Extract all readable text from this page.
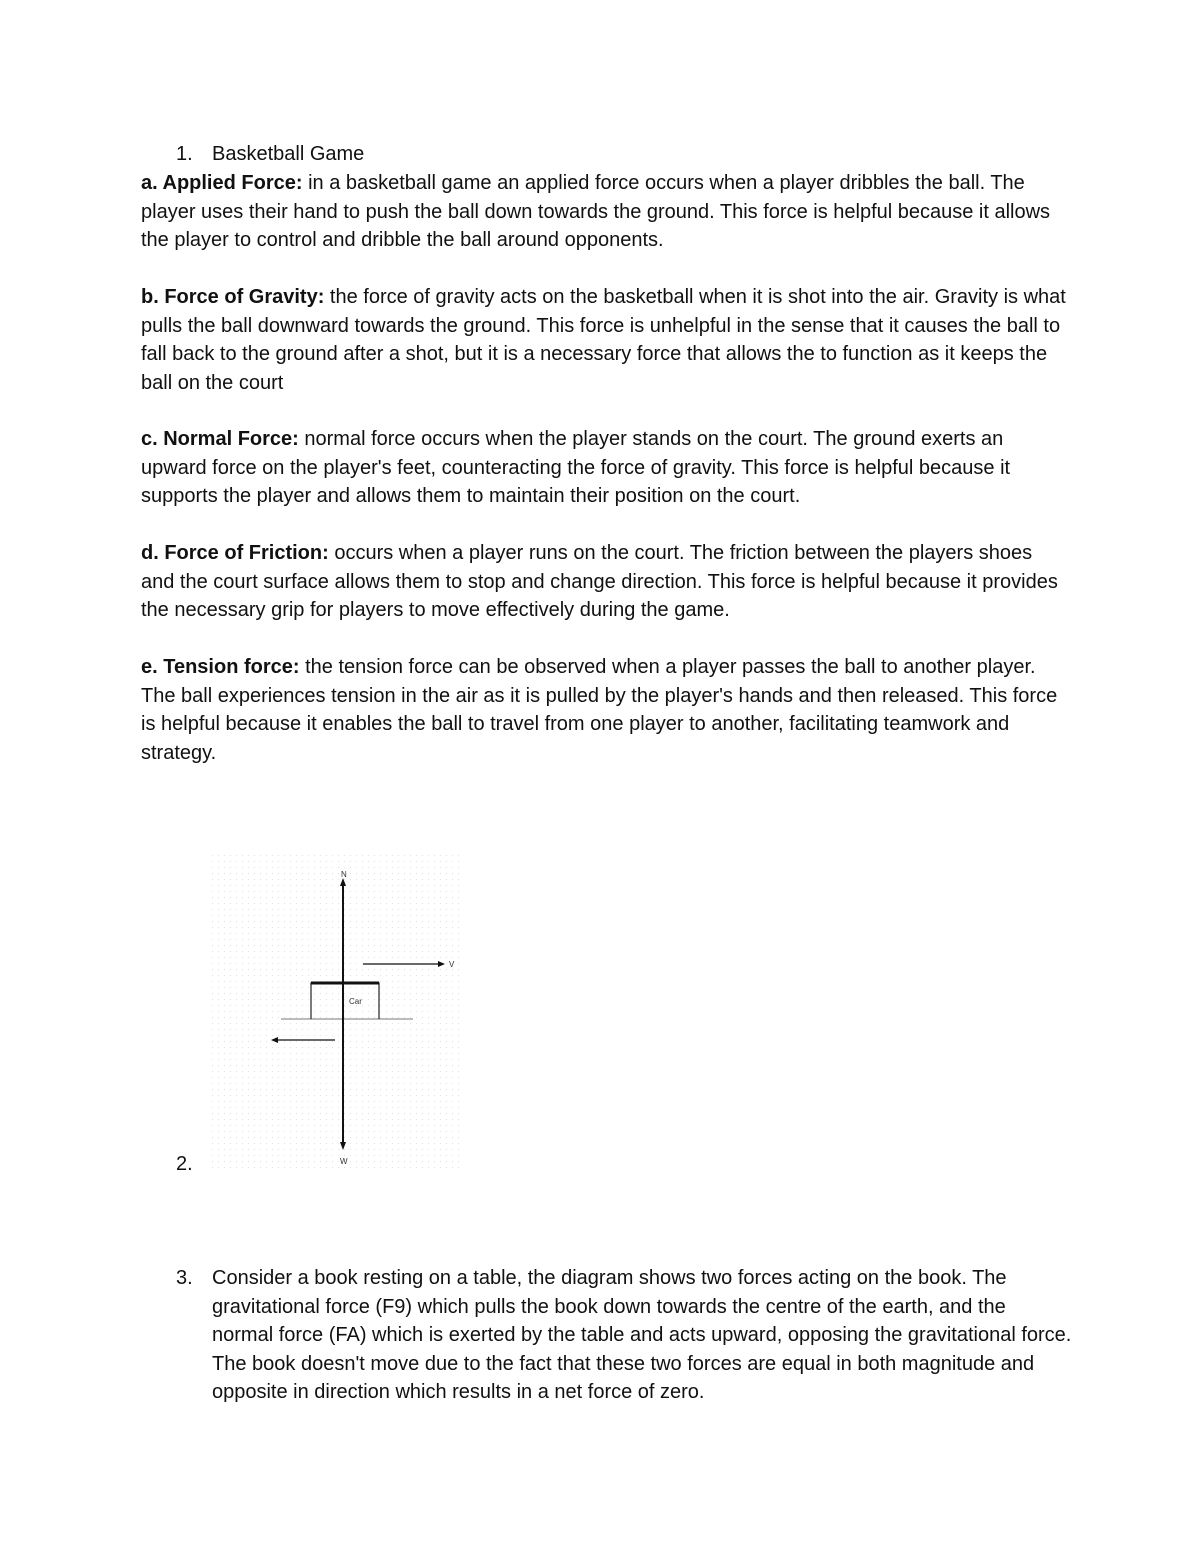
1. Basketball Game

a. Applied Force: in a basketball game an applied force occurs when a player dribbles the ball. The player uses their hand to push the ball down towards the ground. This force is helpful because it allows the player to control and dribble the ball around opponents.

b. Force of Gravity: the force of gravity acts on the basketball when it is shot into the air. Gravity is what pulls the ball downward towards the ground. This force is unhelpful in the sense that it causes the ball to fall back to the ground after a shot, but it is a necessary force that allows the to function as it keeps the ball on the court

c. Normal Force: normal force occurs when the player stands on the court. The ground exerts an upward force on the player's feet, counteracting the force of gravity. This force is helpful because it supports the player and allows them to maintain their position on the court.

d. Force of Friction: occurs when a player runs on the court. The friction between the players shoes and the court surface allows them to stop and change direction. This force is helpful because it provides the necessary grip for players to move effectively during the game.

e. Tension force: the tension force can be observed when a player passes the ball to another player. The ball experiences tension in the air as it is pulled by the player's hands and then released. This force is helpful because it enables the ball to travel from one player to another, facilitating teamwork and strategy.

2.
N
W
V
Car
3. Consider a book resting on a table, the diagram shows two forces acting on the book. The gravitational force (F9) which pulls the book down towards the centre of the earth, and the normal force (FA) which is exerted by the table and acts upward, opposing the gravitational force. The book doesn't move due to the fact that these two forces are equal in both magnitude and opposite in direction which results in a net force of zero.
